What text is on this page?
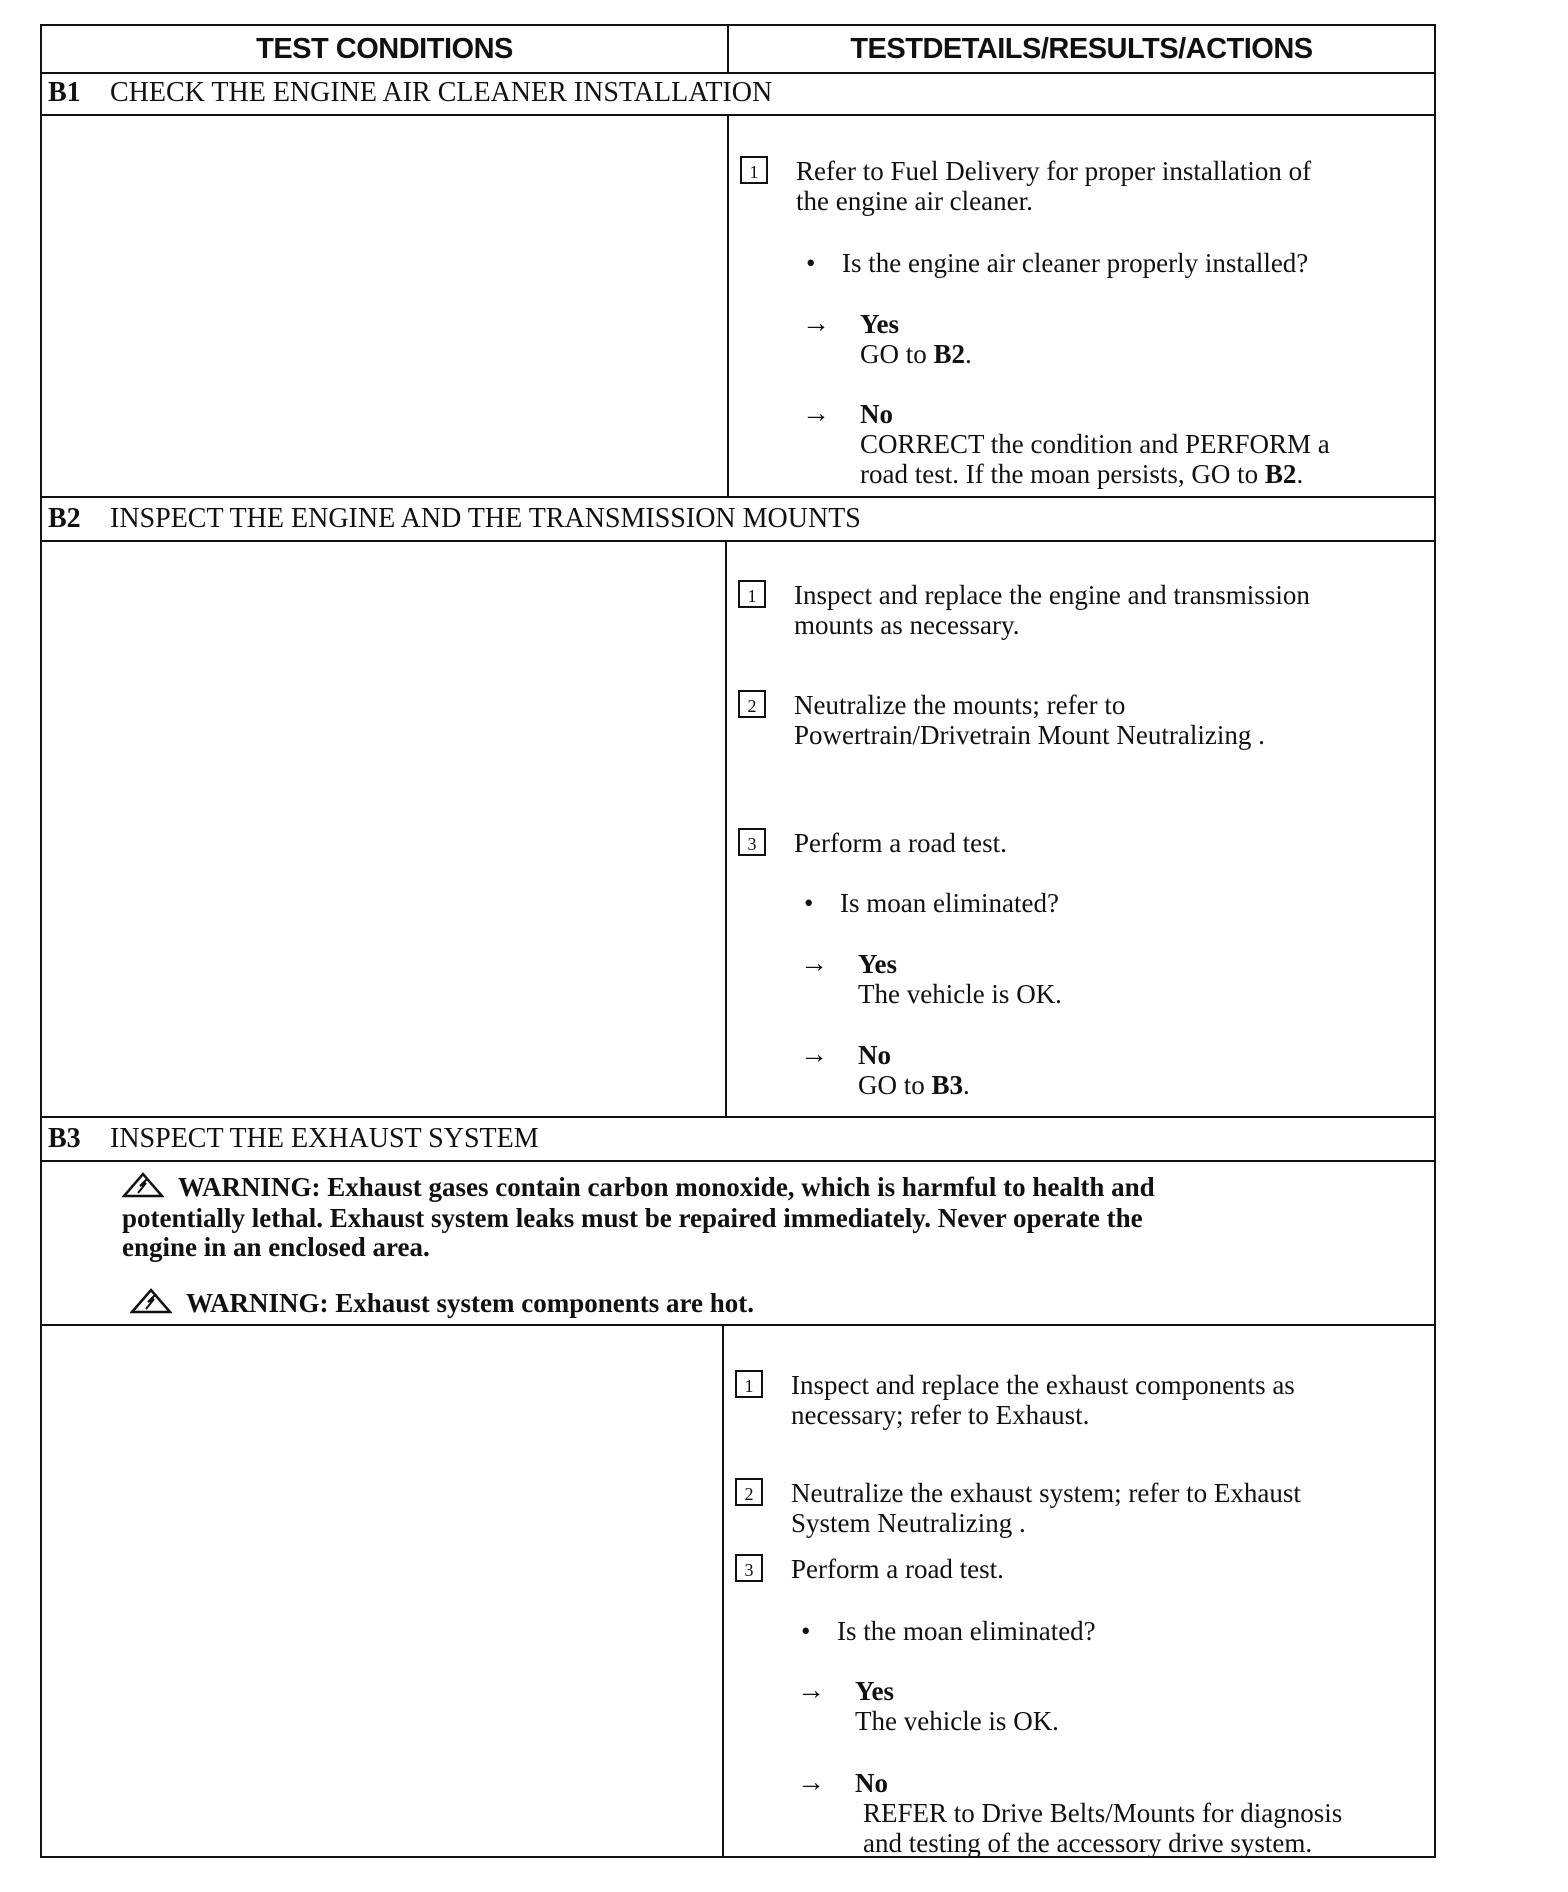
TEST CONDITIONS	TESTDETAILS/RESULTS/ACTIONS
B1 CHECK THE ENGINE AIR CLEANER INSTALLATION
1	Refer to Fuel Delivery for proper installation of
the engine air cleaner.
• Is the engine air cleaner properly installed?
→ Yes
GO to B2.
→ No
CORRECT the condition and PERFORM a
road test. If the moan persists, GO to B2.
B2 INSPECT THE ENGINE AND THE TRANSMISSION MOUNTS
1	Inspect and replace the engine and transmission
mounts as necessary.
2	Neutralize the mounts; refer to
Powertrain/Drivetrain Mount Neutralizing .
3	Perform a road test.
• Is moan eliminated?
→ Yes
The vehicle is OK.
→ No
GO to B3.
B3 INSPECT THE EXHAUST SYSTEM
WARNING: Exhaust gases contain carbon monoxide, which is harmful to health and
potentially lethal. Exhaust system leaks must be repaired immediately. Never operate the
engine in an enclosed area.
WARNING: Exhaust system components are hot.
1	Inspect and replace the exhaust components as
necessary; refer to Exhaust.
2	Neutralize the exhaust system; refer to Exhaust
System Neutralizing .
3	Perform a road test.
• Is the moan eliminated?
→ Yes
The vehicle is OK.
→ No
REFER to Drive Belts/Mounts for diagnosis
and testing of the accessory drive system.
